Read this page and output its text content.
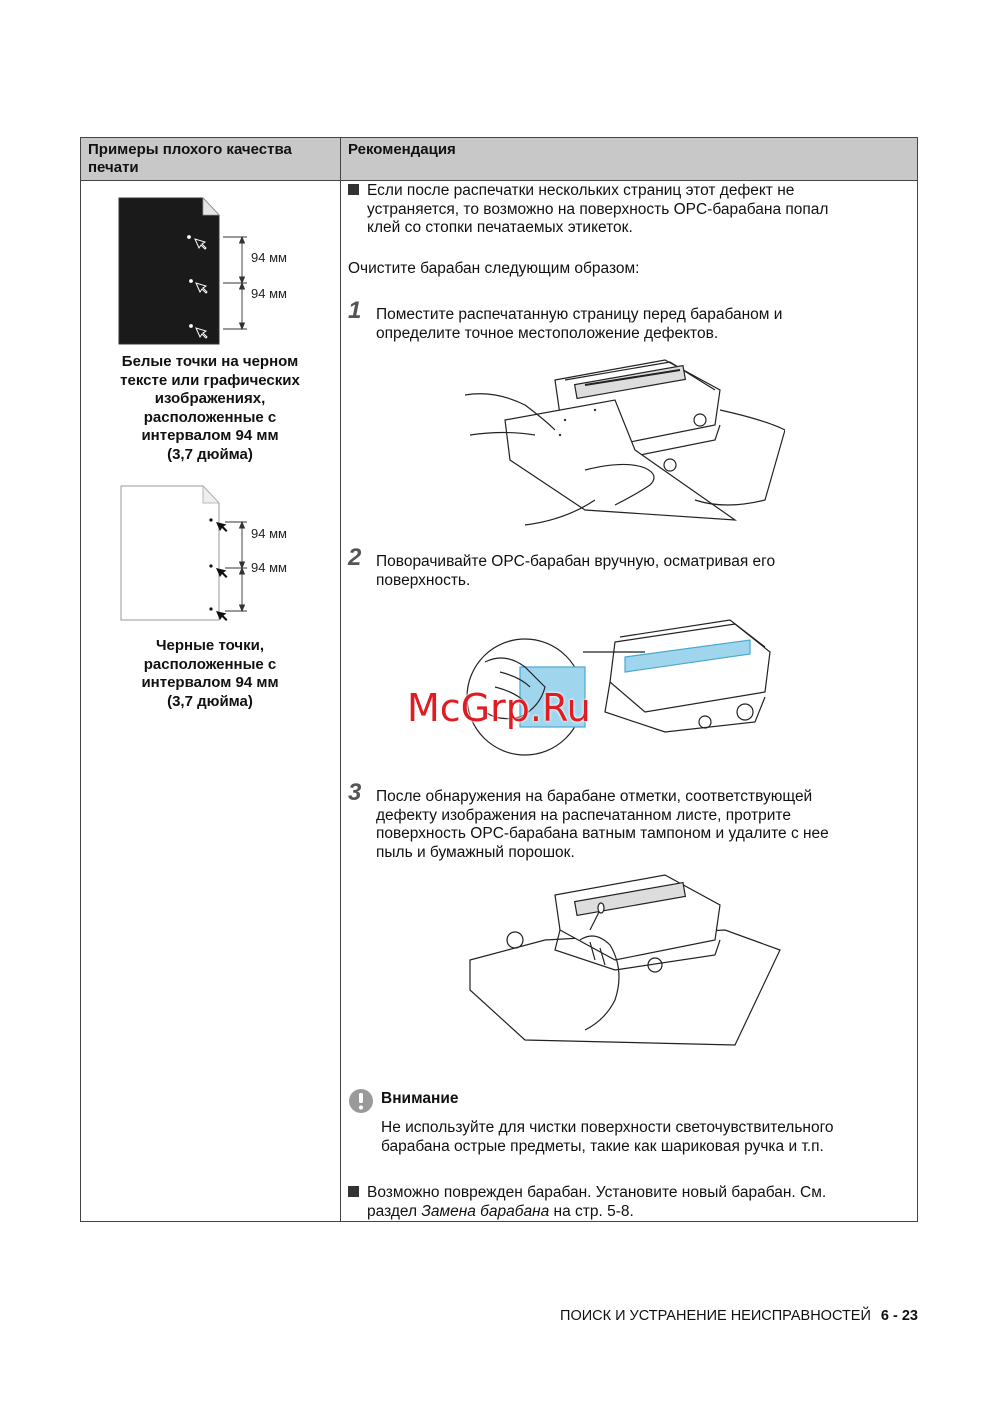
Примеры плохого качества печати
Рекомендация
94 мм
94 мм
Белые точки на черном
тексте или графических
изображениях,
расположенные с
интервалом 94 мм
(3,7 дюйма)
94 мм
94 мм
Черные точки,
расположенные с
интервалом 94 мм
(3,7 дюйма)
Если после распечатки нескольких страниц этот дефект не
устраняется, то возможно на поверхность OPC-барабана попал
клей со стопки печатаемых этикеток.
Очистите барабан следующим образом:
1 Поместите распечатанную страницу перед барабаном и
определите точное местоположение дефектов.
2 Поворачивайте OPC-барабан вручную, осматривая его
поверхность.
3 После обнаружения на барабане отметки, соответствующей
дефекту изображения на распечатанном листе, протрите
поверхность OPC-барабана ватным тампоном и удалите с нее
пыль и бумажный порошок.
Внимание
Не используйте для чистки поверхности светочувствительного
барабана острые предметы, такие как шариковая ручка и т.п.
Возможно поврежден барабан. Установите новый барабан. См.
раздел Замена барабана на стр. 5-8.
McGrp.Ru
ПОИСК И УСТРАНЕНИЕ НЕИСПРАВНОСТЕЙ 6 - 23
